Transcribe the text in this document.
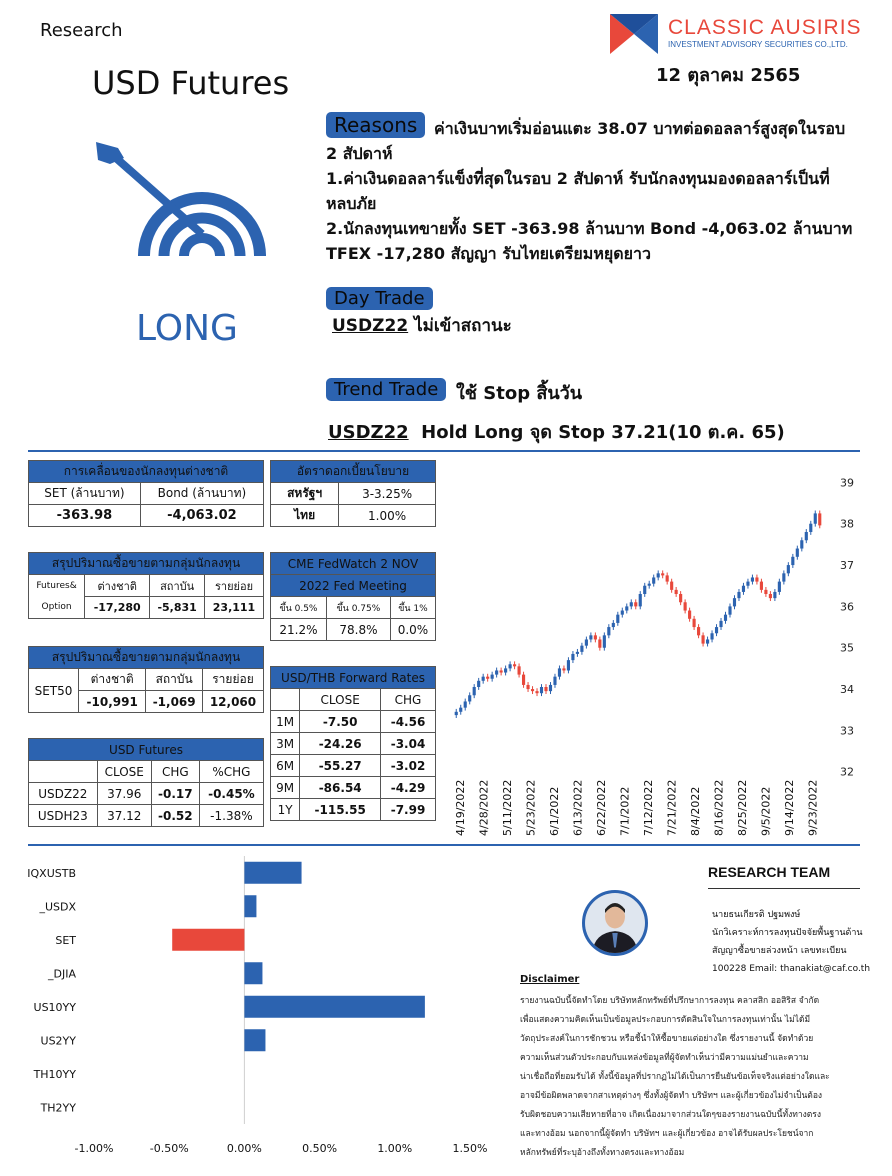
Research	CLASSIC AUSIRIS
INVESTMENT ADVISORY SECURITIES CO.,LTD.
12 ตุลาคม 2565
USD Futures
LONG
ค่าเงินบาทเริ่มอ่อนแตะ 38.07 บาทต่อดอลลาร์สูงสุดในรอบ
2 สัปดาห์
1.ค่าเงินดอลลาร์แข็งที่สุดในรอบ 2 สัปดาห์ รับนักลงทุนมองดอลลาร์เป็นที่
หลบภัย
2.นักลงทุนเทขายทั้ง SET -363.98 ล้านบาท Bond -4,063.02 ล้านบาท
TFEX -17,280 สัญญา รับไทยเตรียมหยุดยาว
Reasons
Day Trade
USDZ22 ไม่เข้าสถานะ
Trend Trade ใช้ Stop สิ้นวัน
USDZ22  Hold Long จุด Stop 37.21(10 ต.ค. 65)
การเคลื่อนของนักลงทุนต่างชาติ	
SET (ล้านบาท)	Bond (ล้านบาท)
-363.98	-4,063.02
อัตราดอกเบี้ยนโยบาย	
สหรัฐฯ	3-3.25%
ไทย	1.00%
สรุปปริมาณซื้อขายตามกลุ่มนักลงทุน			
Futures&	ต่างชาติ	สถาบัน	รายย่อย
Option	-17,280	-5,831	23,111
สรุปปริมาณซื้อขายตามกลุ่มนักลงทุน			
SET50	ต่างชาติ	สถาบัน	รายย่อย
	-10,991	-1,069	12,060
CME FedWatch 2 NOV		
2022 Fed Meeting		
ขึ้น 0.5%	ขึ้น 0.75%	ขึ้น 1%
21.2%	78.8%	0.0%
USD Futures			
	CLOSE	CHG	%CHG
USDZ22	37.96	-0.17	-0.45%
USDH23	37.12	-0.52	-1.38%
USD/THB Forward Rates		
	CLOSE	CHG
1M	-7.50	-4.56
3M	-24.26	-3.04
6M	-55.27	-3.02
9M	-86.54	-4.29
1Y	-115.55	-7.99
32
33
34
35
36
37
38
39
4/19/2022 4/28/2022 5/11/2022 5/23/2022 6/1/2022 6/13/2022 6/22/2022 7/1/2022 7/12/2022 7/21/2022 8/4/2022 8/16/2022 8/25/2022 9/5/2022 9/14/2022 9/23/2022
IQXUSTB
_USDX
SET
_DJIA
US10YY
US2YY
TH10YY
TH2YY
-1.00%	-0.50%	0.00%	0.50%	1.00%	1.50%
RESEARCH TEAM
นายธนเกียรติ ปฐมพงษ์
นักวิเคราะห์การลงทุนปัจจัยพื้นฐานด้าน
สัญญาซื้อขายล่วงหน้า เลขทะเบียน
100228 Email: thanakiat@caf.co.th
Disclaimer
รายงานฉบับนี้จัดทำโดย บริษัทหลักทรัพย์ที่ปรึกษาการลงทุน คลาสสิก ออสิริส จำกัด
เพื่อแสดงความคิดเห็นเป็นข้อมูลประกอบการตัดสินใจในการลงทุนเท่านั้น ไม่ได้มี
วัตถุประสงค์ในการชักชวน หรือชี้นำให้ซื้อขายแต่อย่างใด ซึ่งรายงานนี้ จัดทำด้วย
ความเห็นส่วนตัวประกอบกับแหล่งข้อมูลที่ผู้จัดทำเห็นว่ามีความแม่นยำและความ
น่าเชื่อถือที่ยอมรับได้ ทั้งนี้ข้อมูลที่ปรากฏไม่ได้เป็นการยืนยันข้อเท็จจริงแต่อย่างใดและ
อาจมีข้อผิดพลาดจากสาเหตุต่างๆ ซึ่งทั้งผู้จัดทำ บริษัทฯ และผู้เกี่ยวข้องไม่จำเป็นต้อง
รับผิดชอบความเสียหายที่อาจ เกิดเนื่องมาจากส่วนใดๆของรายงานฉบับนี้ทั้งทางตรง
และทางอ้อม นอกจากนี้ผู้จัดทำ บริษัทฯ และผู้เกี่ยวข้อง อาจได้รับผลประโยชน์จาก
หลักทรัพย์ที่ระบุอ้างถึงทั้งทางตรงและทางอ้อม
